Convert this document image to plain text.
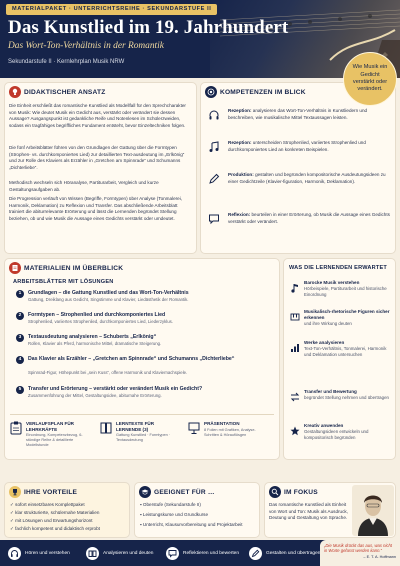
MATERIALPAKET · UNTERRICHTSREIHE · SEKUNDARSTUFE II
Das Kunstlied im 19. Jahrhundert
Das Wort-Ton-Verhältnis in der Romantik
Sekundarstufe II · Kernlehrplan Musik NRW
Wie Musik ein Gedicht verstärkt oder verändert.
DIDAKTISCHER ANSATZ
Die Einheit erschließt das romantische Kunstlied als Modellfall für den Sprechcharakter von Musik: Wie deutet Musik ein Gedicht aus, verstärkt oder verändert sie dessen Aussage? Ausgangspunkt ist gedankliche Reife und Notenlesen im Schülerzweiden, sodass ein tragfähiges begriffliches Fundament entsteht, bevor Einzeltechniken folgen.
Die fünf Arbeitsblätter führen von den Grundlagen der Gattung über die Formtypen (Strophen- vs. durchkomponiertes Lied) zur detaillierten Text-ausdeutung im „Erlkönig“ und zur Rolle des Klaviers als Erzähler in „Gretchen am Spinnrade“ und Schumanns „Dichterliebe“.
Methodisch wechseln sich Höranalyse, Partiturarbeit, Vergleich und kurze Gestaltungsaufgaben ab.
Die Progression verläuft von Wissen (Begriffe, Formtypen) über Analyse (Tonmalerei, Harmonik, Deklamation) zu Reflexion und Transfer. Das abschließende Arbeitsblatt trainiert die abiturrelevante Erörterung und lässt die Lernenden begründet Stellung beziehen, ob und wie Musik die Aussage eines Gedichts verstärkt oder umdeutet.
KOMPETENZEN IM BLICK
Rezeption: analysieren das Wort-Ton-Verhältnis in Kunstliedern und beschreiben, wie musikalische Mittel Textaussagen leisten.
Rezeption: unterscheiden Strophenlied, variiertes Strophenlied und durchkomponiertes Lied an konkreten Beispielen.
Produktion: gestalten und begründen kompositorische Ausdeutungsideen zu einer Gedichtzeile (Klavier-figuration, Harmonik, Deklamation).
Reflexion: beurteilen in einer Erörterung, ob Musik die Aussage eines Gedichts verstärkt oder verändert.
MATERIALIEN IM ÜBERBLICK
ARBEITSBLÄTTER MIT LÖSUNGEN
1	Grundlagen – die Gattung Kunstlied und das Wort-Ton-Verhältnis
Gattung, Dreiklang aus Gedicht, Singstimme und Klavier, Liedästhetik der Romantik.
2	Formtypen – Strophenlied und durchkomponiertes Lied
Strophenlied, variiertes Strophenlied, durchkomponiertes Lied, Liederzyklus.
3	Textausdeutung analysieren – Schuberts „Erlkönig“
Rollen, Klavier als Pferd, harmonische Mittel, dramatische Steigerung.
4	Das Klavier als Erzähler – „Gretchen am Spinnrade“ und Schumanns „Dichterliebe“
Spinnrad-Figur, Höhepunkt bei „sein Kuss“, offene Harmonik und Klaviernachspiele.
5	Transfer und Erörterung – verstärkt oder verändert Musik ein Gedicht?
Zusammenführung der Mittel, Gestaltungsidee, abiturnahe Erörterung.
VERLAUFSPLAN FÜR LEHRKRÄFTE
Einordnung, Kompetenzbezug, 6-stündige Reihe & detaillierte Modellstunde
LERNTEXTE FÜR LERNENDE (3)
Gattung Kunstlied · Formtypen · Textausdeutung
PRÄSENTATION
8 Folien mit Grafiken, Analyse-Schritten & Hörauflösgen
WAS DIE LERNENDEN ERWARTET
Barocke Musik verstehen
Hörbeispiele, Partiturarbeit und historische Einordnung
Musikalisch-rhetorische Figuren sicher erkennen
und ihre Wirkung deuten
Werke analysieren
Text-Ton-Verhältnis, Tonmalerei, Harmonik und Deklamation untersuchen
Transfer und Bewertung
begründet Stellung nehmen und übertragen
Kreativ anwenden
Gestaltungsideen entwickeln und kompositorisch begründen
IHRE VORTEILE
✓ sofort einsetzbares Komplettpaket
✓ klar strukturierte, schülernahe Materialien
✓ mit Lösungen und Erwartungshorizont
✓ fachlich kompetent und didaktisch erprobt
GEEIGNET FÜR …
▪ Oberstufe (Sekundarstufe II)
▪ Leistungskurse und Grundkurse
▪ Unterricht, Klausurvorbereitung und Projektarbeit
IM FOKUS
Das romantische Kunstlied als Einheit von Wort und Ton: Musik als Ausdruck, Deutung und Gestaltung von Sprache.
Hören und verstehen	Analysieren und deuten	Reflektieren und bewerten	Gestalten und übertragen
„Die Musik drückt das aus, was nicht in Worte gefasst werden kann.“
– E. T. A. Hoffmann
